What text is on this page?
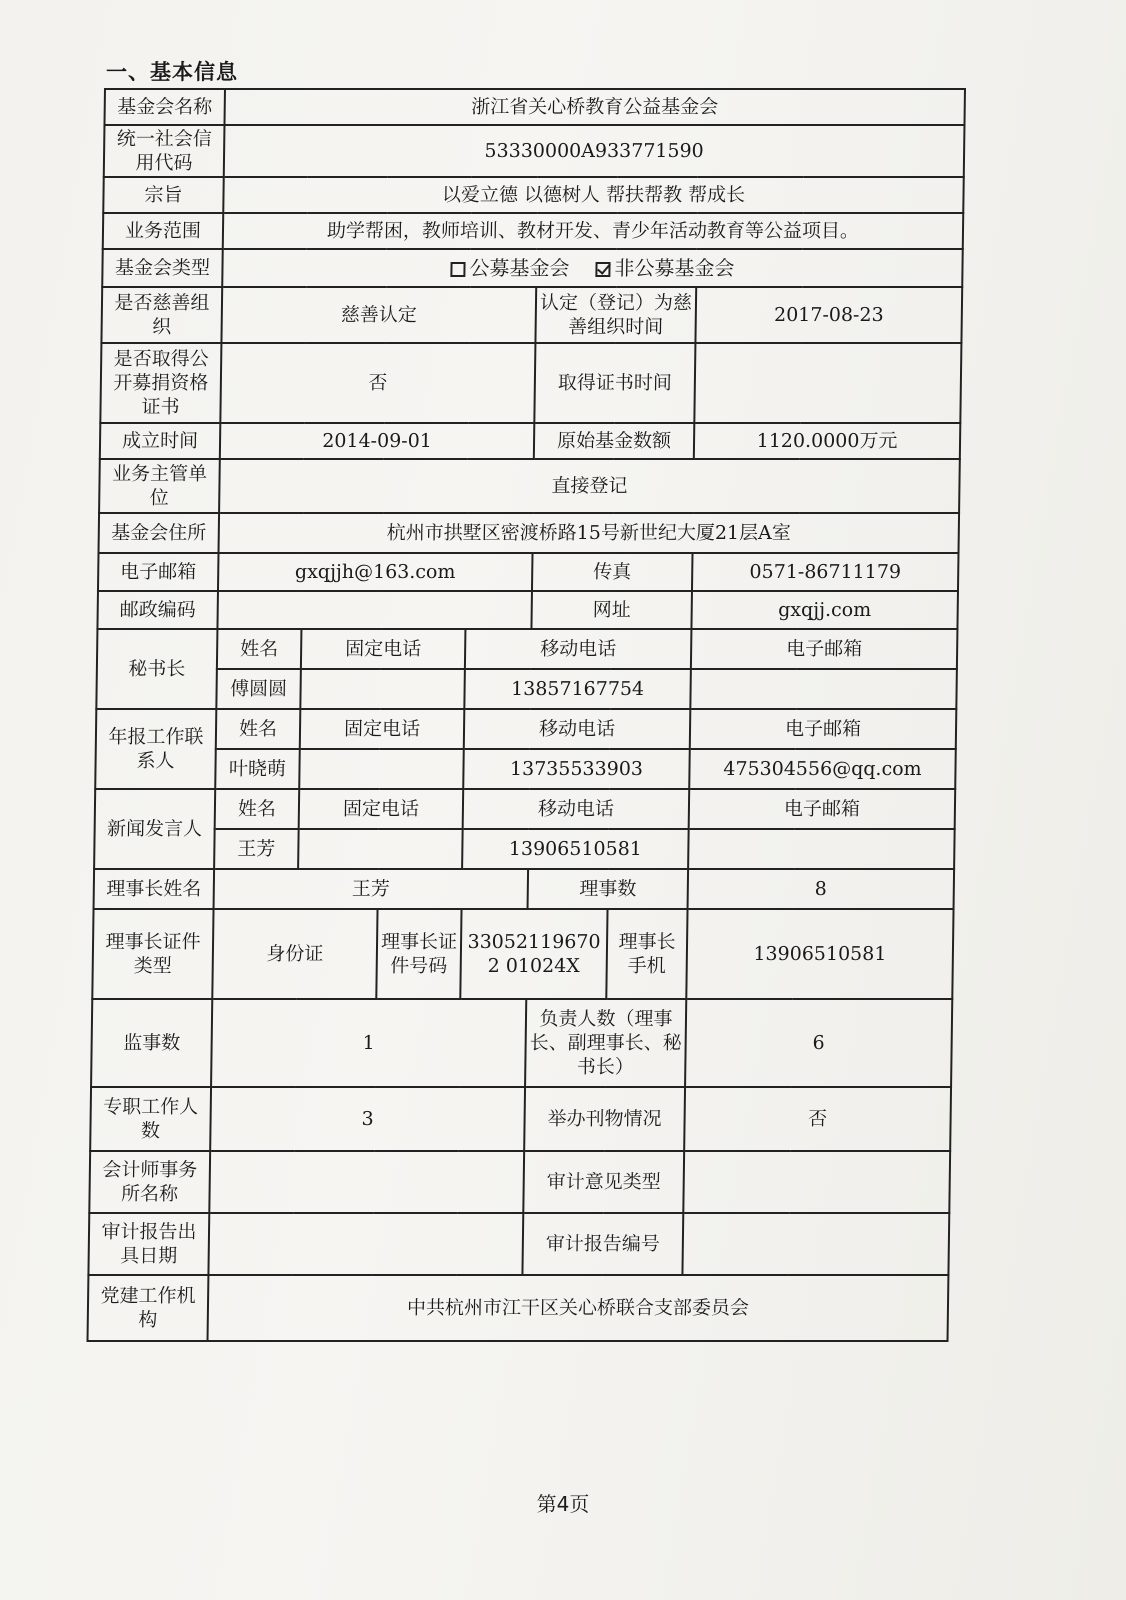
一、基本信息
基金会名称	浙江省关心桥教育公益基金会						
统一社会信用代码	53330000A933771590						
宗旨	以爱立德 以德树人 帮扶帮教 帮成长						
业务范围	助学帮困，教师培训、教材开发、青少年活动教育等公益项目。						
基金会类型	公募基金会 非公募基金会						
是否慈善组织	慈善认定				认定（登记）为慈善组织时间		2017-08-23
是否取得公开募捐资格证书	否				取得证书时间		
成立时间	2014-09-01				原始基金数额		1120.0000万元
业务主管单位	直接登记						
基金会住所	杭州市拱墅区密渡桥路15号新世纪大厦21层A室						
电子邮箱	gxqjjh@163.com				传真		0571-86711179
邮政编码					网址		gxqjj.com
秘书长	姓名	固定电话		移动电话			电子邮箱
	傅圆圆			13857167754			
年报工作联系人	姓名	固定电话		移动电话			电子邮箱
	叶晓萌			13735533903			475304556@qq.com
新闻发言人	姓名	固定电话		移动电话			电子邮箱
	王芳			13906510581			
理事长姓名	王芳				理事数		8
理事长证件类型	身份证		理事长证件号码	330521196702 01024X		理事长手机	13906510581
监事数	1				负责人数（理事长、副理事长、秘书长）		6
专职工作人数	3				举办刊物情况		否
会计师事务所名称					审计意见类型		
审计报告出具日期					审计报告编号		
党建工作机构	中共杭州市江干区关心桥联合支部委员会						
第4页
